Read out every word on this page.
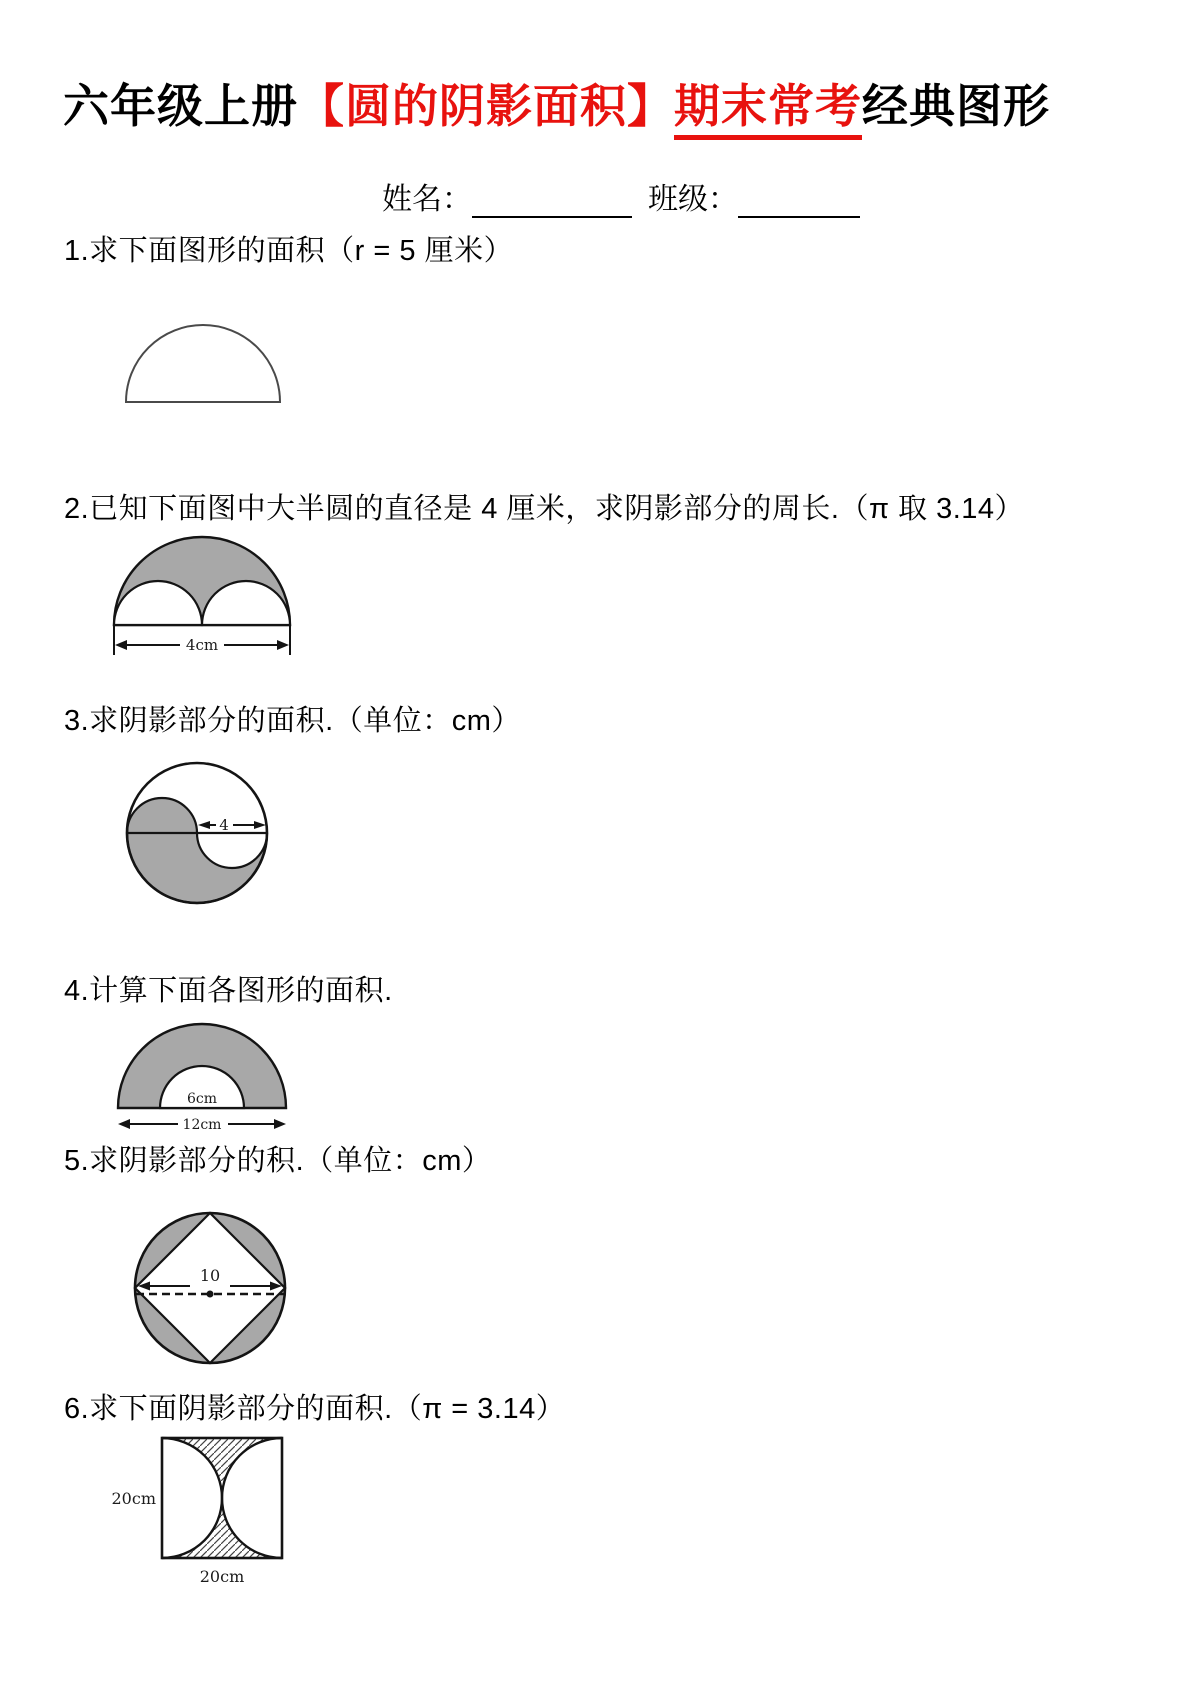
六年级上册【圆的阴影面积】期末常考经典图形
姓名：	班级：
1.求下面图形的面积（r = 5 厘米）
2.已知下面图中大半圆的直径是 4 厘米，求阴影部分的周长.（π 取 3.14）
4cm
3.求阴影部分的面积.（单位：cm）
4
4.计算下面各图形的面积.
6cm
12cm
5.求阴影部分的积.（单位：cm）
10
6.求下面阴影部分的面积.（π = 3.14）
20cm
20cm
